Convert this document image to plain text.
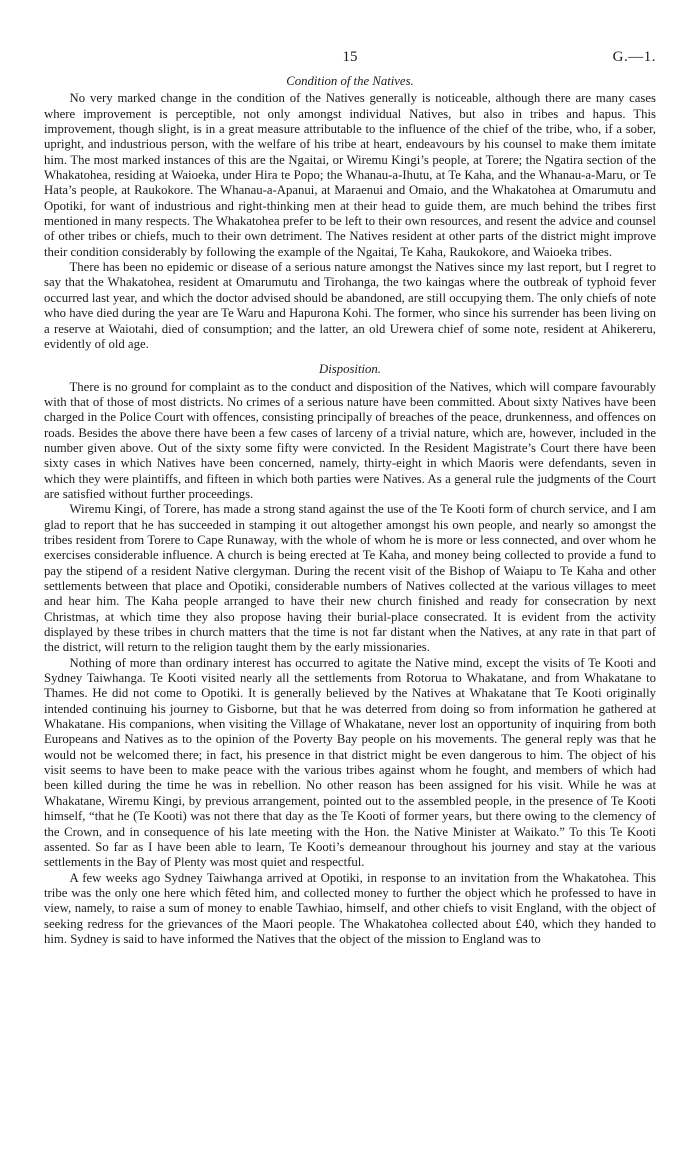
15	G.—1.
Condition of the Natives.

No very marked change in the condition of the Natives generally is noticeable, although there are many cases where improvement is perceptible, not only amongst individual Natives, but also in tribes and hapus. This improvement, though slight, is in a great measure attributable to the influence of the chief of the tribe, who, if a sober, upright, and industrious person, with the welfare of his tribe at heart, endeavours by his counsel to make them imitate him. The most marked instances of this are the Ngaitai, or Wiremu Kingi’s people, at Torere; the Ngatira section of the Whakatohea, residing at Waioeka, under Hira te Popo; the Whanau-a-Ihutu, at Te Kaha, and the Whanau-a-Maru, or Te Hata’s people, at Raukokore. The Whanau-a-Apanui, at Maraenui and Omaio, and the Whakatohea at Omarumutu and Opotiki, for want of industrious and right-thinking men at their head to guide them, are much behind the tribes first mentioned in many respects. The Whakatohea prefer to be left to their own resources, and resent the advice and counsel of other tribes or chiefs, much to their own detriment. The Natives resident at other parts of the district might improve their condition considerably by following the example of the Ngaitai, Te Kaha, Raukokore, and Waioeka tribes.

There has been no epidemic or disease of a serious nature amongst the Natives since my last report, but I regret to say that the Whakatohea, resident at Omarumutu and Tirohanga, the two kaingas where the outbreak of typhoid fever occurred last year, and which the doctor advised should be abandoned, are still occupying them. The only chiefs of note who have died during the year are Te Waru and Hapurona Kohi. The former, who since his surrender has been living on a reserve at Waiotahi, died of consumption; and the latter, an old Urewera chief of some note, resident at Ahikereru, evidently of old age.

Disposition.

There is no ground for complaint as to the conduct and disposition of the Natives, which will compare favourably with that of those of most districts. No crimes of a serious nature have been committed. About sixty Natives have been charged in the Police Court with offences, consisting principally of breaches of the peace, drunkenness, and offences on roads. Besides the above there have been a few cases of larceny of a trivial nature, which are, however, included in the number given above. Out of the sixty some fifty were convicted. In the Resident Magistrate’s Court there have been sixty cases in which Natives have been concerned, namely, thirty-eight in which Maoris were defendants, seven in which they were plaintiffs, and fifteen in which both parties were Natives. As a general rule the judgments of the Court are satisfied without further proceedings.

Wiremu Kingi, of Torere, has made a strong stand against the use of the Te Kooti form of church service, and I am glad to report that he has succeeded in stamping it out altogether amongst his own people, and nearly so amongst the tribes resident from Torere to Cape Runaway, with the whole of whom he is more or less connected, and over whom he exercises considerable influence. A church is being erected at Te Kaha, and money being collected to provide a fund to pay the stipend of a resident Native clergyman. During the recent visit of the Bishop of Waiapu to Te Kaha and other settlements between that place and Opotiki, considerable numbers of Natives collected at the various villages to meet and hear him. The Kaha people arranged to have their new church finished and ready for consecration by next Christmas, at which time they also propose having their burial-place consecrated. It is evident from the activity displayed by these tribes in church matters that the time is not far distant when the Natives, at any rate in that part of the district, will return to the religion taught them by the early missionaries.

Nothing of more than ordinary interest has occurred to agitate the Native mind, except the visits of Te Kooti and Sydney Taiwhanga. Te Kooti visited nearly all the settlements from Rotorua to Whakatane, and from Whakatane to Thames. He did not come to Opotiki. It is generally believed by the Natives at Whakatane that Te Kooti originally intended continuing his journey to Gisborne, but that he was deterred from doing so from information he gathered at Whakatane. His companions, when visiting the Village of Whakatane, never lost an opportunity of inquiring from both Europeans and Natives as to the opinion of the Poverty Bay people on his movements. The general reply was that he would not be welcomed there; in fact, his presence in that district might be even dangerous to him. The object of his visit seems to have been to make peace with the various tribes against whom he fought, and members of which had been killed during the time he was in rebellion. No other reason has been assigned for his visit. While he was at Whakatane, Wiremu Kingi, by previous arrangement, pointed out to the assembled people, in the presence of Te Kooti himself, “that he (Te Kooti) was not there that day as the Te Kooti of former years, but there owing to the clemency of the Crown, and in consequence of his late meeting with the Hon. the Native Minister at Waikato.” To this Te Kooti assented. So far as I have been able to learn, Te Kooti’s demeanour throughout his journey and stay at the various settlements in the Bay of Plenty was most quiet and respectful.

A few weeks ago Sydney Taiwhanga arrived at Opotiki, in response to an invitation from the Whakatohea. This tribe was the only one here which fêted him, and collected money to further the object which he professed to have in view, namely, to raise a sum of money to enable Tawhiao, himself, and other chiefs to visit England, with the object of seeking redress for the grievances of the Maori people. The Whakatohea collected about £40, which they handed to him. Sydney is said to have informed the Natives that the object of the mission to England was to
